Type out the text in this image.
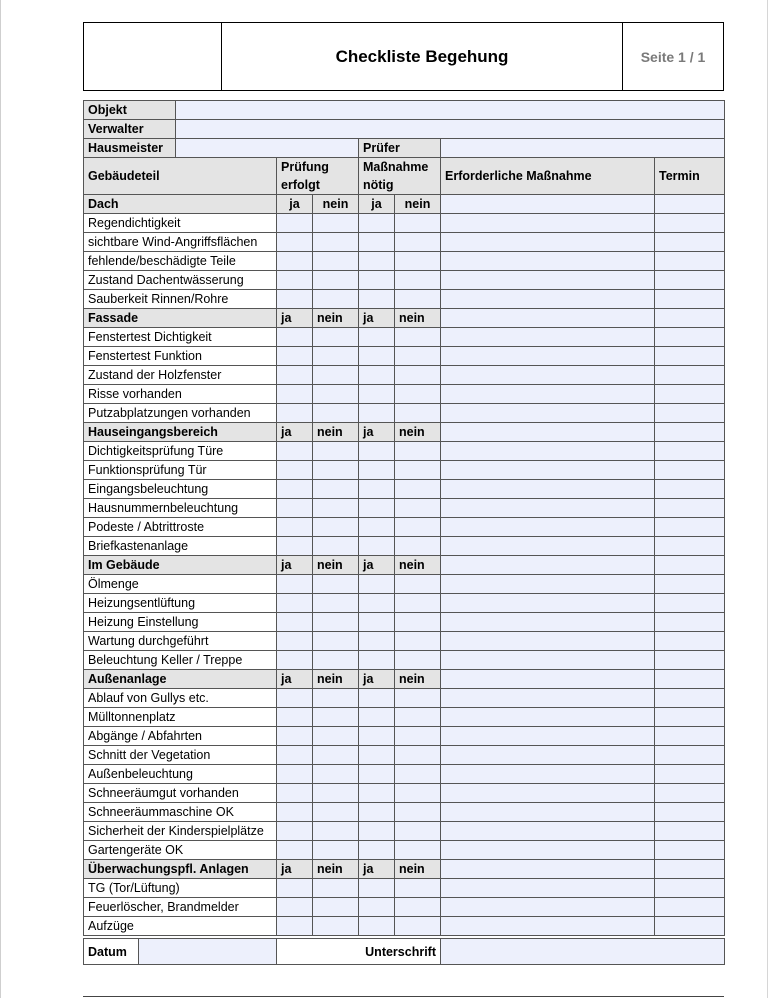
Checkliste Begehung	Seite 1 / 1
Objekt							
Verwalter							
Hausmeister				Prüfer			
Gebäudeteil		Prüfung erfolgt		Maßnahme nötig		Erforderliche Maßnahme	Termin
Dach		ja	nein	ja	nein		
Regendichtigkeit							
sichtbare Wind-Angriffsflächen							
fehlende/beschädigte Teile							
Zustand Dachentwässerung							
Sauberkeit Rinnen/Rohre							
Fassade		ja	nein	ja	nein		
Fenstertest Dichtigkeit							
Fenstertest Funktion							
Zustand der Holzfenster							
Risse vorhanden							
Putzabplatzungen vorhanden							
Hauseingangsbereich		ja	nein	ja	nein		
Dichtigkeitsprüfung Türe							
Funktionsprüfung Tür							
Eingangsbeleuchtung							
Hausnummernbeleuchtung							
Podeste / Abtrittroste							
Briefkastenanlage							
Im Gebäude		ja	nein	ja	nein		
Ölmenge							
Heizungsentlüftung							
Heizung Einstellung							
Wartung durchgeführt							
Beleuchtung Keller / Treppe							
Außenanlage		ja	nein	ja	nein		
Ablauf von Gullys etc.							
Mülltonnenplatz							
Abgänge / Abfahrten							
Schnitt der Vegetation							
Außenbeleuchtung							
Schneeräumgut vorhanden							
Schneeräummaschine OK							
Sicherheit der Kinderspielplätze							
Gartengeräte OK							
Überwachungspfl. Anlagen		ja	nein	ja	nein		
TG (Tor/Lüftung)							
Feuerlöscher, Brandmelder							
Aufzüge							
Datum		Unterschrift	
